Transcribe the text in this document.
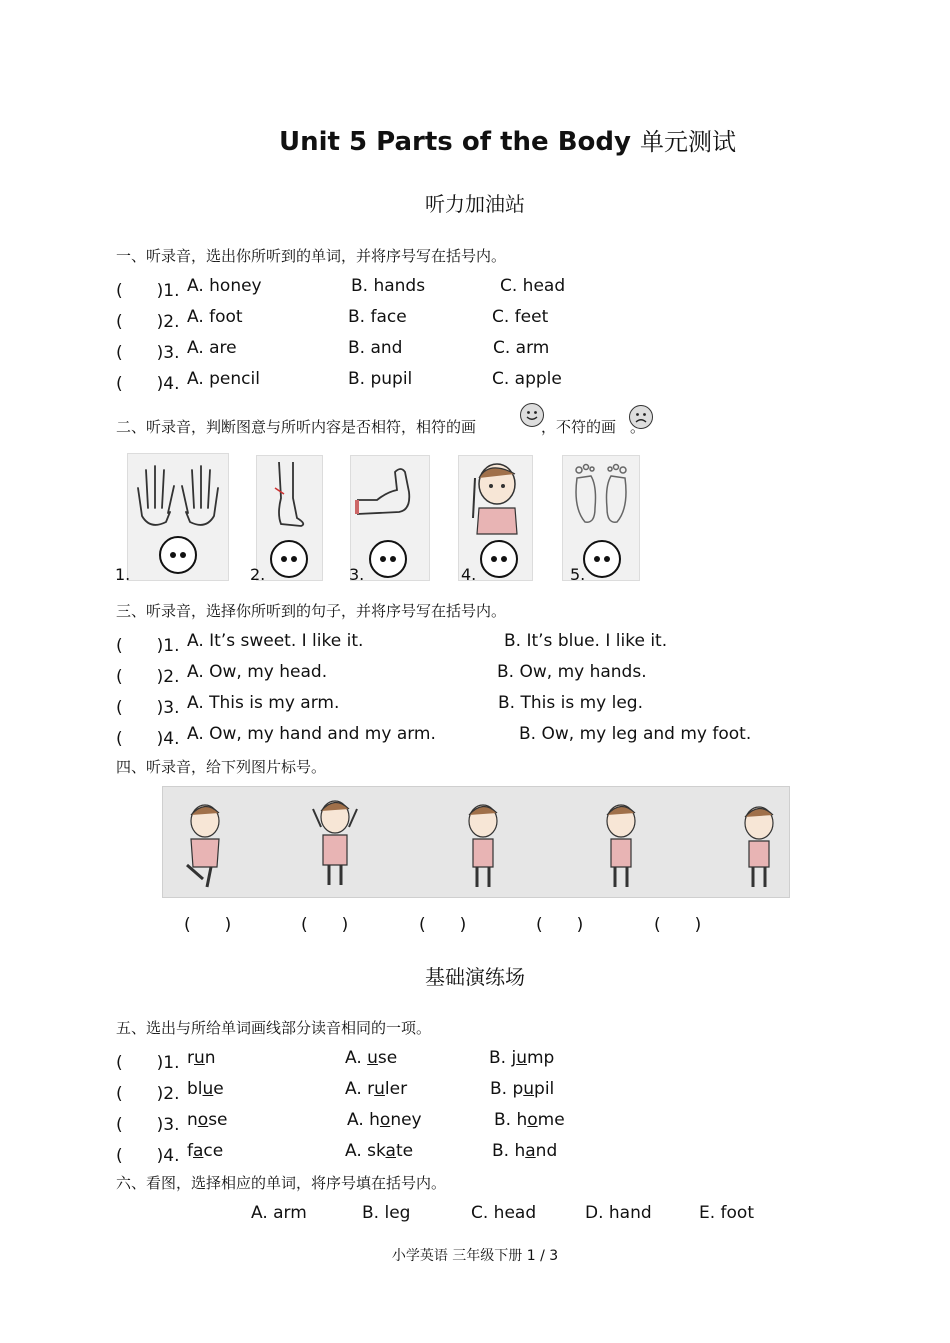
Unit 5 Parts of the Body 单元测试
听力加油站
一、听录音，选出你所听到的单词，并将序号写在括号内。
(　　)1. A. honey	B. hands	C. head
(　　)2. A. foot	B. face	C. feet
(　　)3. A. are	B. and	C. arm
(　　)4. A. pencil	B. pupil	C. apple
二、听录音，判断图意与所听内容是否相符，相符的画	，不符的画 。
1.	2.	3.	4.	5.
三、听录音，选择你所听到的句子，并将序号写在括号内。
(　　)1. A. It’s sweet. I like it.	B. It’s blue. I like it.
(　　)2. A. Ow, my head.	B. Ow, my hands.
(　　)3. A. This is my arm.	B. This is my leg.
(　　)4. A. Ow, my hand and my arm.	B. Ow, my leg and my foot.
四、听录音，给下列图片标号。
(　　)	(　　)	(　　)	(　　)	(　　)
基础演练场
五、选出与所给单词画线部分读音相同的一项。
(　　)1. run	A. use	B. jump
(　　)2. blue	A. ruler	B. pupil
(　　)3. nose	A. honey	B. home
(　　)4. face	A. skate	B. hand
六、看图，选择相应的单词，将序号填在括号内。
A. arm	B. leg	C. head	D. hand	E. foot
小学英语 三年级下册 1 / 3
